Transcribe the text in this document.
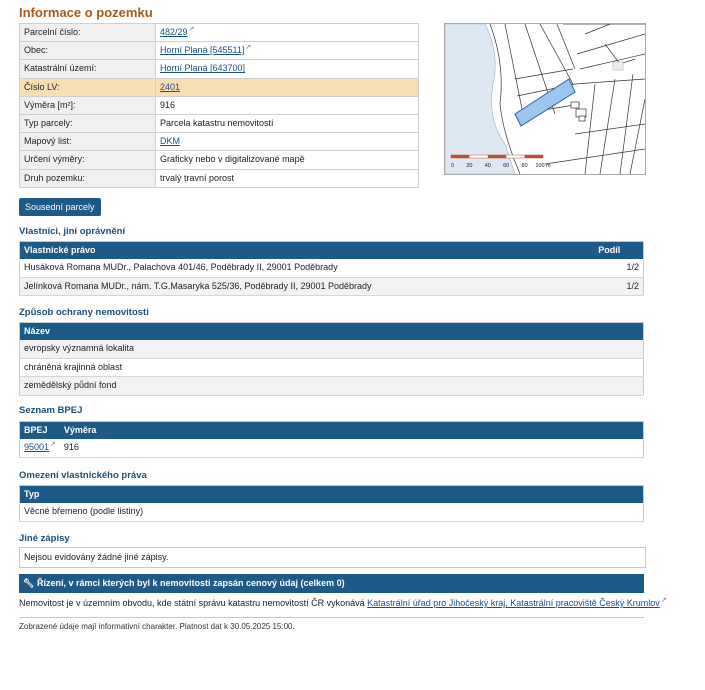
Informace o pozemku
Parcelní číslo:	482/29↗
Obec:	Horní Planá [545511]↗
Katastrální území:	Horní Planá [643700]
Číslo LV:	2401
Výměra [m²]:	916
Typ parcely:	Parcela katastru nemovitostí
Mapový list:	DKM
Určení výměry:	Graficky nebo v digitalizované mapě
Druh pozemku:	trvalý travní porost
0 20 40 60 80 100 m
Sousední parcely
Vlastníci, jiní oprávnění
Vlastnické právo	Podíl
Husáková Romana MUDr., Palachova 401/46, Poděbrady II, 29001 Poděbrady	1/2
Jelínková Romana MUDr., nám. T.G.Masaryka 525/36, Poděbrady II, 29001 Poděbrady	1/2
Způsob ochrany nemovitosti
Název
evropsky významná lokalita
chráněná krajinná oblast
zemědělský půdní fond
Seznam BPEJ
BPEJ	Výměra
95001↗	916
Omezení vlastnického práva
Typ
Věcné břemeno (podle listiny)
Jiné zápisy
Nejsou evidovány žádné jiné zápisy.
🔧︎ Řízení, v rámci kterých byl k nemovitosti zapsán cenový údaj (celkem 0)
Nemovitost je v územním obvodu, kde státní správu katastru nemovitostí ČR vykonává Katastrální úřad pro Jihočeský kraj, Katastrální pracoviště Český Krumlov↗
Zobrazené údaje mají informativní charakter. Platnost dat k 30.05.2025 15:00.
